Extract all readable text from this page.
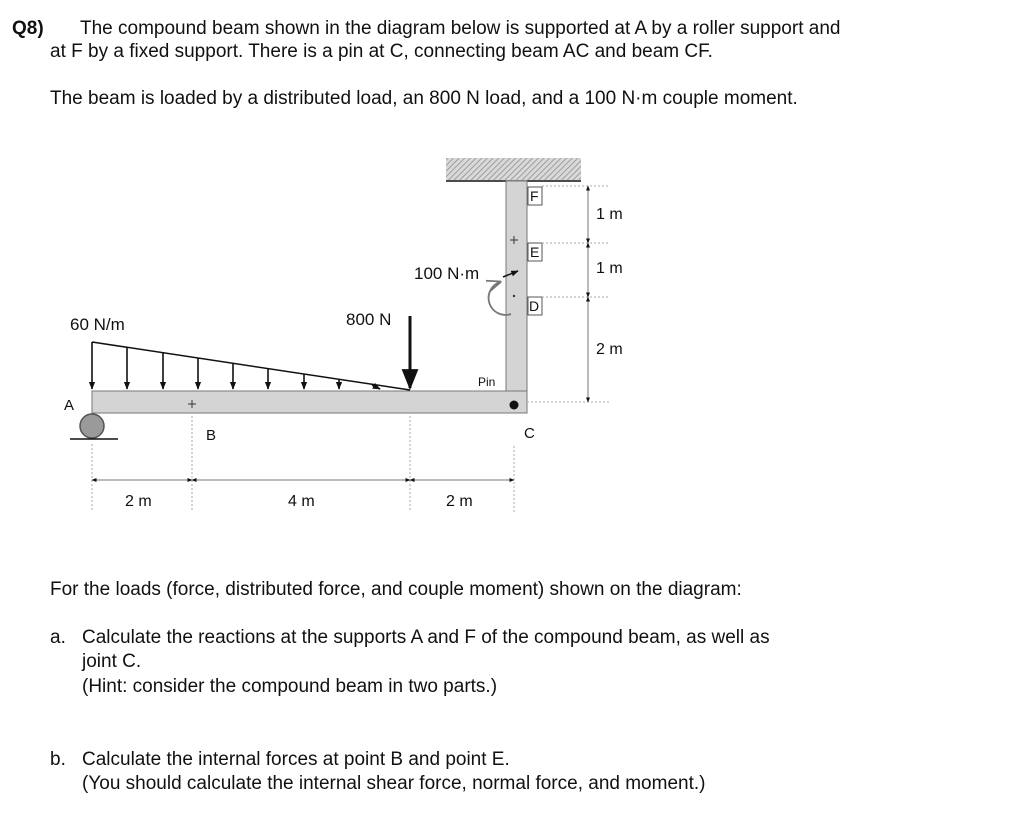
Q8) The compound beam shown in the diagram below is supported at A by a roller support and
at F by a fixed support. There is a pin at C, connecting beam AC and beam CF.
The beam is loaded by a distributed load, an 800 N load, and a 100 N·m couple moment.
A
B	C
Pin
F
E
D
60 N/m	800 N
100 N·m
2 m	4 m	2 m
1 m
1 m
2 m
For the loads (force, distributed force, and couple moment) shown on the diagram:
a. Calculate the reactions at the supports A and F of the compound beam, as well as
joint C.
(Hint: consider the compound beam in two parts.)
b. Calculate the internal forces at point B and point E.
(You should calculate the internal shear force, normal force, and moment.)
